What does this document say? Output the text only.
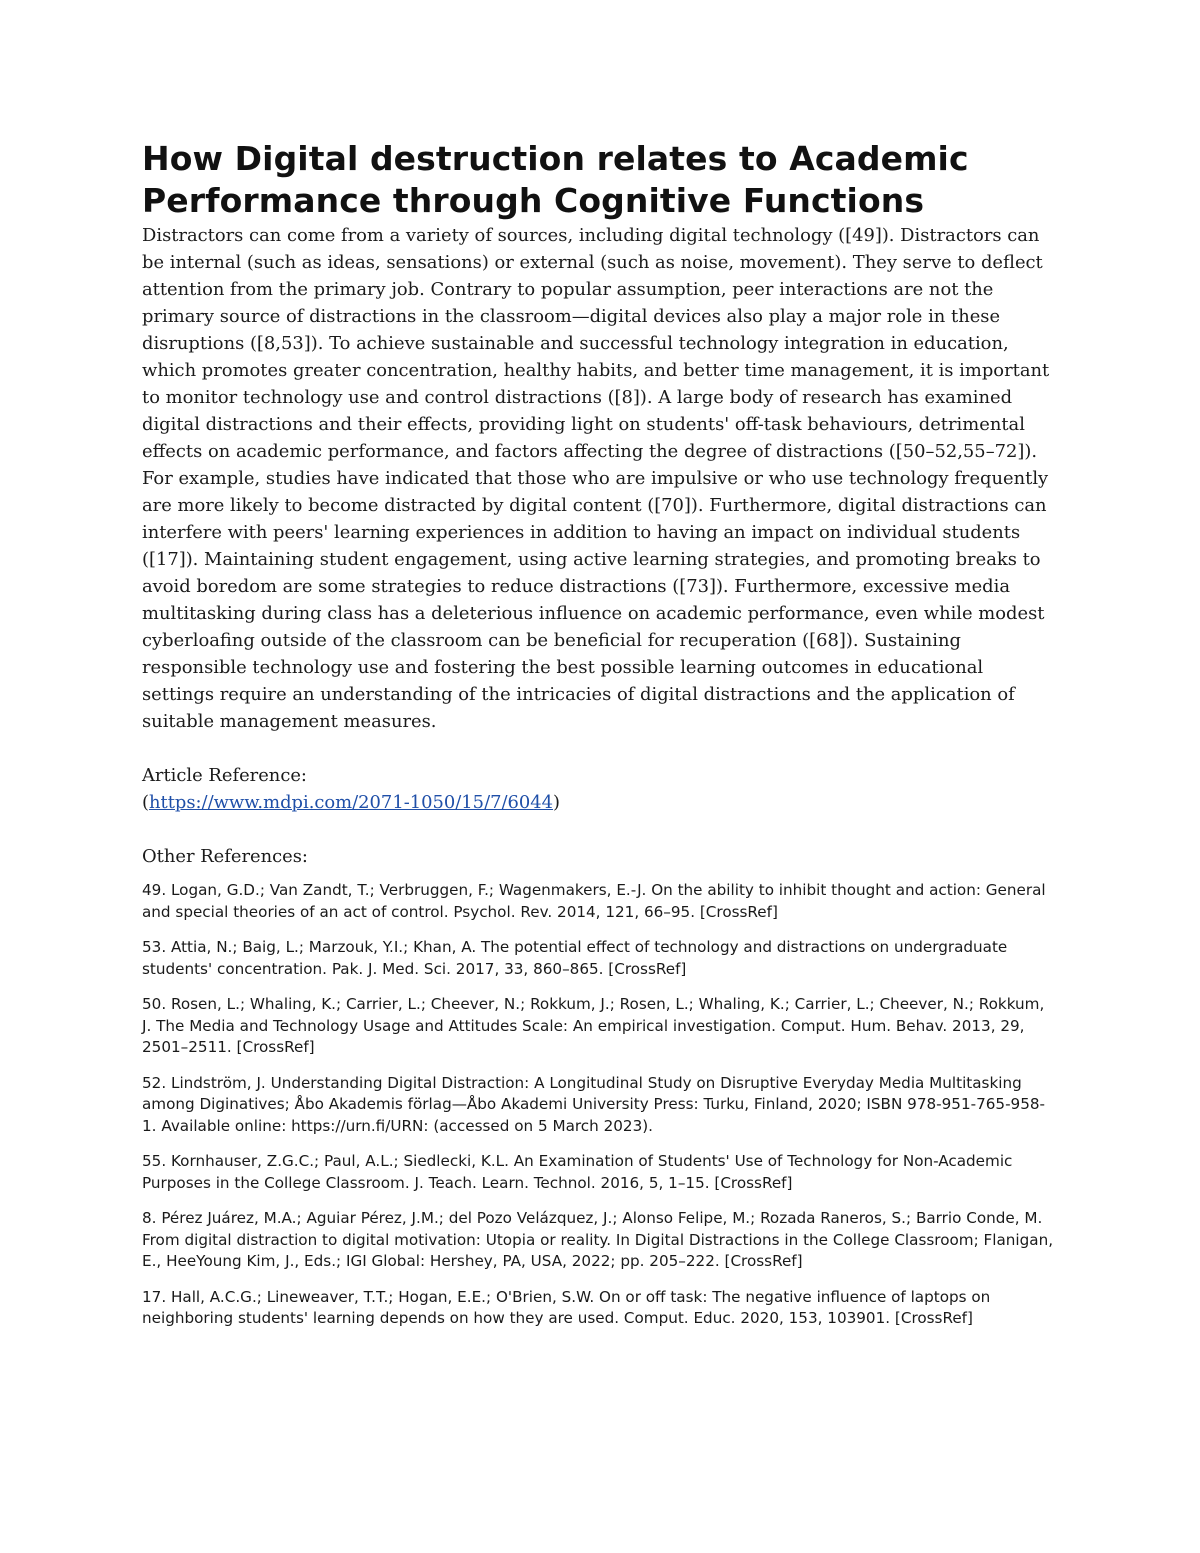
How Digital destruction relates to Academic Performance through Cognitive Functions

Distractors can come from a variety of sources, including digital technology ([49]). Distractors can be internal (such as ideas, sensations) or external (such as noise, movement). They serve to deflect attention from the primary job. Contrary to popular assumption, peer interactions are not the primary source of distractions in the classroom—digital devices also play a major role in these disruptions ([8,53]). To achieve sustainable and successful technology integration in education, which promotes greater concentration, healthy habits, and better time management, it is important to monitor technology use and control distractions ([8]). A large body of research has examined digital distractions and their effects, providing light on students' off-task behaviours, detrimental effects on academic performance, and factors affecting the degree of distractions ([50–52,55–72]).

For example, studies have indicated that those who are impulsive or who use technology frequently are more likely to become distracted by digital content ([70]). Furthermore, digital distractions can interfere with peers' learning experiences in addition to having an impact on individual students ([17]). Maintaining student engagement, using active learning strategies, and promoting breaks to avoid boredom are some strategies to reduce distractions ([73]). Furthermore, excessive media multitasking during class has a deleterious influence on academic performance, even while modest cyberloafing outside of the classroom can be beneficial for recuperation ([68]). Sustaining responsible technology use and fostering the best possible learning outcomes in educational settings require an understanding of the intricacies of digital distractions and the application of suitable management measures.

Article Reference:

(https://www.mdpi.com/2071-1050/15/7/6044)

Other References:

49. Logan, G.D.; Van Zandt, T.; Verbruggen, F.; Wagenmakers, E.-J. On the ability to inhibit thought and action: General and special theories of an act of control. Psychol. Rev. 2014, 121, 66–95. [CrossRef]

53. Attia, N.; Baig, L.; Marzouk, Y.I.; Khan, A. The potential effect of technology and distractions on undergraduate students' concentration. Pak. J. Med. Sci. 2017, 33, 860–865. [CrossRef]

50. Rosen, L.; Whaling, K.; Carrier, L.; Cheever, N.; Rokkum, J.; Rosen, L.; Whaling, K.; Carrier, L.; Cheever, N.; Rokkum, J. The Media and Technology Usage and Attitudes Scale: An empirical investigation. Comput. Hum. Behav. 2013, 29, 2501–2511. [CrossRef]

52. Lindström, J. Understanding Digital Distraction: A Longitudinal Study on Disruptive Everyday Media Multitasking among Diginatives; Åbo Akademis förlag—Åbo Akademi University Press: Turku, Finland, 2020; ISBN 978-951-765-958-1. Available online: https://urn.fi/URN: (accessed on 5 March 2023).

55. Kornhauser, Z.G.C.; Paul, A.L.; Siedlecki, K.L. An Examination of Students' Use of Technology for Non-Academic Purposes in the College Classroom. J. Teach. Learn. Technol. 2016, 5, 1–15. [CrossRef]

8. Pérez Juárez, M.A.; Aguiar Pérez, J.M.; del Pozo Velázquez, J.; Alonso Felipe, M.; Rozada Raneros, S.; Barrio Conde, M. From digital distraction to digital motivation: Utopia or reality. In Digital Distractions in the College Classroom; Flanigan, E., HeeYoung Kim, J., Eds.; IGI Global: Hershey, PA, USA, 2022; pp. 205–222. [CrossRef]

17. Hall, A.C.G.; Lineweaver, T.T.; Hogan, E.E.; O'Brien, S.W. On or off task: The negative influence of laptops on neighboring students' learning depends on how they are used. Comput. Educ. 2020, 153, 103901. [CrossRef]
